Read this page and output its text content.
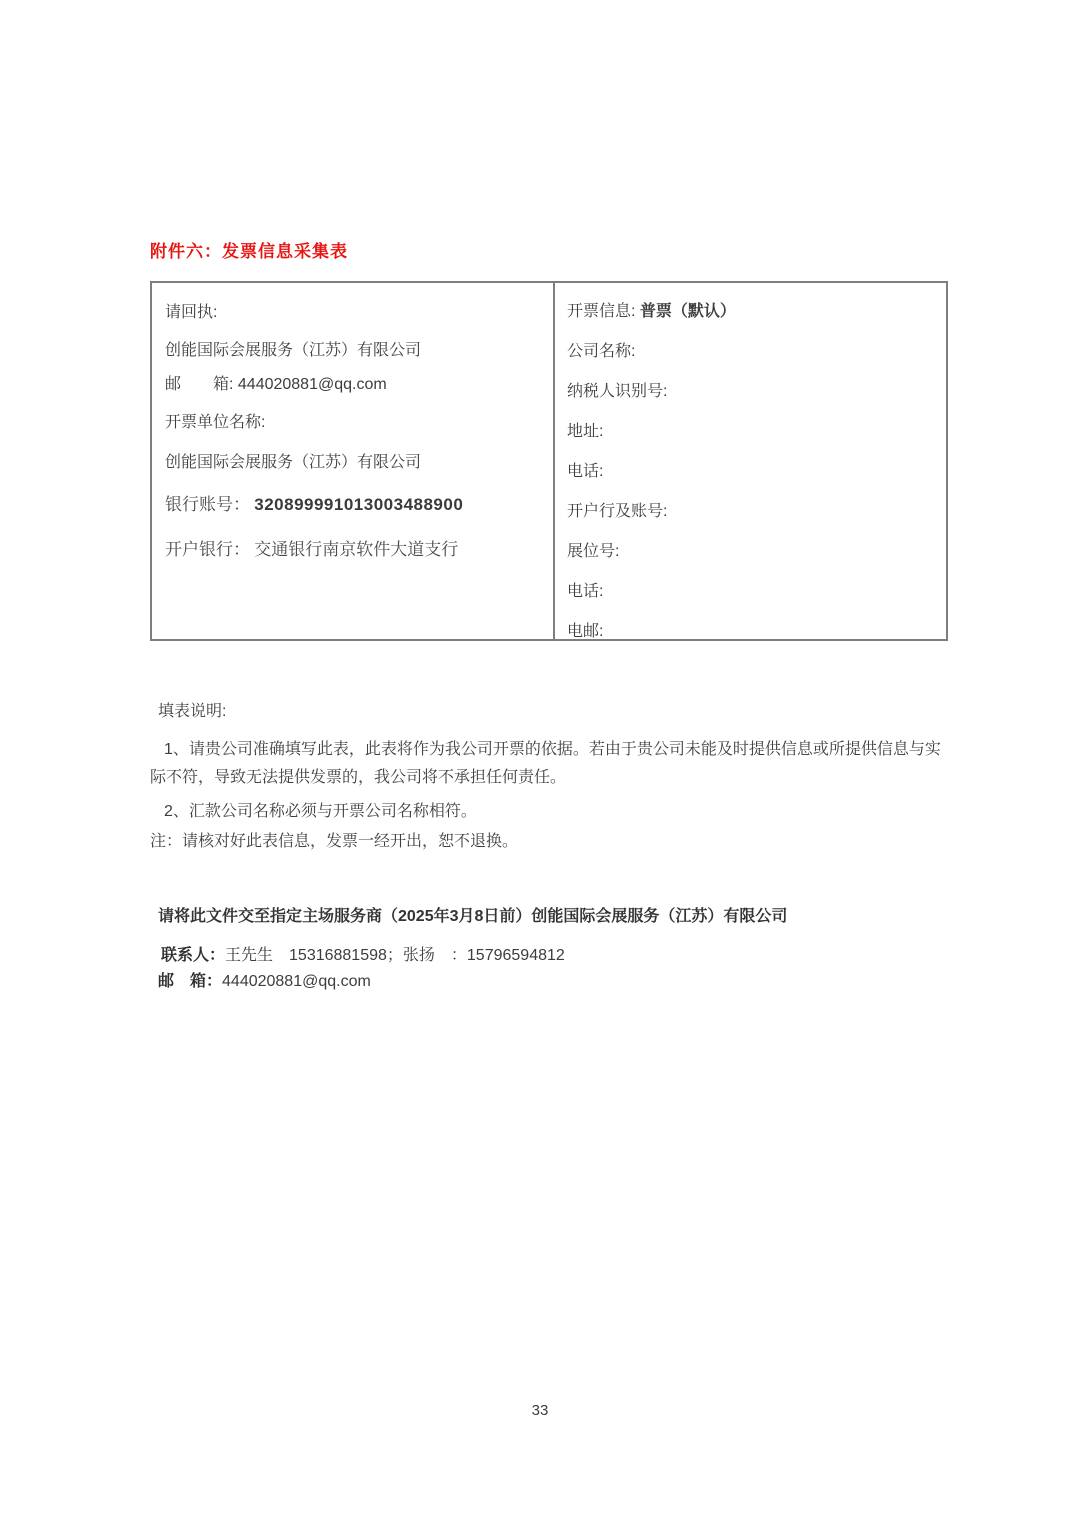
附件六：发票信息采集表

请回执:

创能国际会展服务（江苏）有限公司

邮　　箱: 444020881@qq.com

开票单位名称:

创能国际会展服务（江苏）有限公司

银行账号： 320899991013003488900

开户银行： 交通银行南京软件大道支行

开票信息: 普票（默认）

公司名称:

纳税人识别号:

地址:

电话:

开户行及账号:

展位号:

电话:

电邮:

填表说明:

1、请贵公司准确填写此表，此表将作为我公司开票的依据。若由于贵公司未能及时提供信息或所提供信息与实际不符，导致无法提供发票的，我公司将不承担任何责任。

2、汇款公司名称必须与开票公司名称相符。

注：请核对好此表信息，发票一经开出，恕不退换。

请将此文件交至指定主场服务商（2025年3月8日前）创能国际会展服务（江苏）有限公司

联系人：王先生　15316881598；张扬　：15796594812

邮　箱：444020881@qq.com

33
